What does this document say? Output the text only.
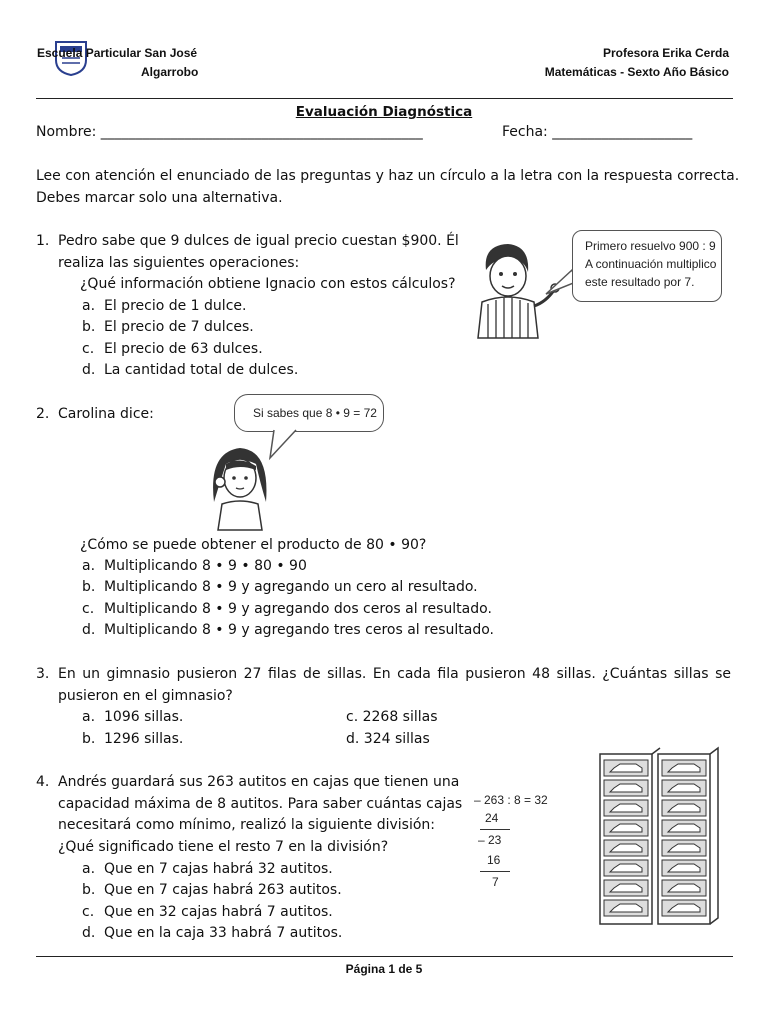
Escuela Particular San José
Algarrobo
Profesora Erika Cerda
Matemáticas - Sexto Año Básico
Evaluación Diagnóstica
Nombre: ______________________________________________	Fecha: ____________________
Lee con atención el enunciado de las preguntas y haz un círculo a la letra con la respuesta correcta.
Debes marcar solo una alternativa.
1. Pedro sabe que 9 dulces de igual precio cuestan $900. Él
realiza las siguientes operaciones:
¿Qué información obtiene Ignacio con estos cálculos?
a. El precio de 1 dulce.
b. El precio de 7 dulces.
c. El precio de 63 dulces.
d. La cantidad total de dulces.
Primero resuelvo 900 : 9
A continuación multiplico
este resultado por 7.
2. Carolina dice:	Si sabes que 8 • 9 = 72
¿Cómo se puede obtener el producto de 80 • 90?
a. Multiplicando 8 • 9 • 80 • 90
b. Multiplicando 8 • 9 y agregando un cero al resultado.
c. Multiplicando 8 • 9 y agregando dos ceros al resultado.
d. Multiplicando 8 • 9 y agregando tres ceros al resultado.
3. En un gimnasio pusieron 27 filas de sillas. En cada fila pusieron 48 sillas. ¿Cuántas sillas se
pusieron en el gimnasio?
a. 1096 sillas.
b. 1296 sillas.
c. 2268 sillas
d. 324 sillas
4. Andrés guardará sus 263 autitos en cajas que tienen una
capacidad máxima de 8 autitos. Para saber cuántas cajas
necesitará como mínimo, realizó la siguiente división:
¿Qué significado tiene el resto 7 en la división?
a. Que en 7 cajas habrá 32 autitos.
b. Que en 7 cajas habrá 263 autitos.
c. Que en 32 cajas habrá 7 autitos.
d. Que en la caja 33 habrá 7 autitos.
– 263 : 8 = 32
24
– 23
16
7
Página 1 de 5
